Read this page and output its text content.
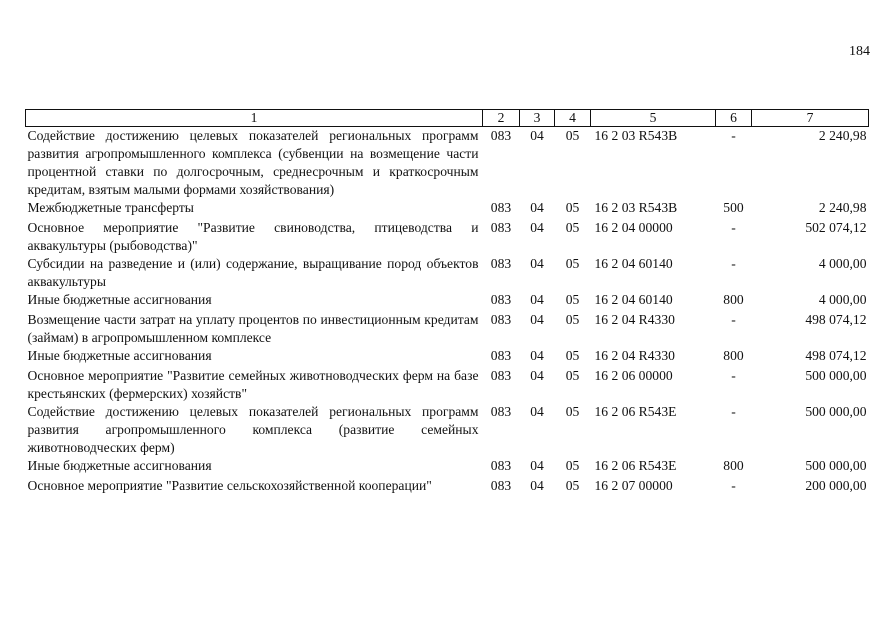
184
1	2	3	4	5	6	7
Содействие достижению целевых показателей региональных программ развития агропромышленного комплекса (субвенции на возмещение части процентной ставки по долгосрочным, среднесрочным и краткосрочным кредитам, взятым малыми формами хозяйствования)	083	04	05	16 2 03 R543B	-	2 240,98
Межбюджетные трансферты	083	04	05	16 2 03 R543B	500	2 240,98
Основное мероприятие "Развитие свиноводства, птицеводства и аквакультуры (рыбоводства)"	083	04	05	16 2 04 00000	-	502 074,12
Субсидии на разведение и (или) содержание, выращивание пород объектов аквакультуры	083	04	05	16 2 04 60140	-	4 000,00
Иные бюджетные ассигнования	083	04	05	16 2 04 60140	800	4 000,00
Возмещение части затрат на уплату процентов по инвестиционным кредитам (займам) в агропромышленном комплексе	083	04	05	16 2 04 R4330	-	498 074,12
Иные бюджетные ассигнования	083	04	05	16 2 04 R4330	800	498 074,12
Основное мероприятие "Развитие семейных животноводческих ферм на базе крестьянских (фермерских) хозяйств"	083	04	05	16 2 06 00000	-	500 000,00
Содействие достижению целевых показателей региональных программ развития агропромышленного комплекса (развитие семейных животноводческих ферм)	083	04	05	16 2 06 R543E	-	500 000,00
Иные бюджетные ассигнования	083	04	05	16 2 06 R543E	800	500 000,00
Основное мероприятие "Развитие сельскохозяйственной кооперации"	083	04	05	16 2 07 00000	-	200 000,00
